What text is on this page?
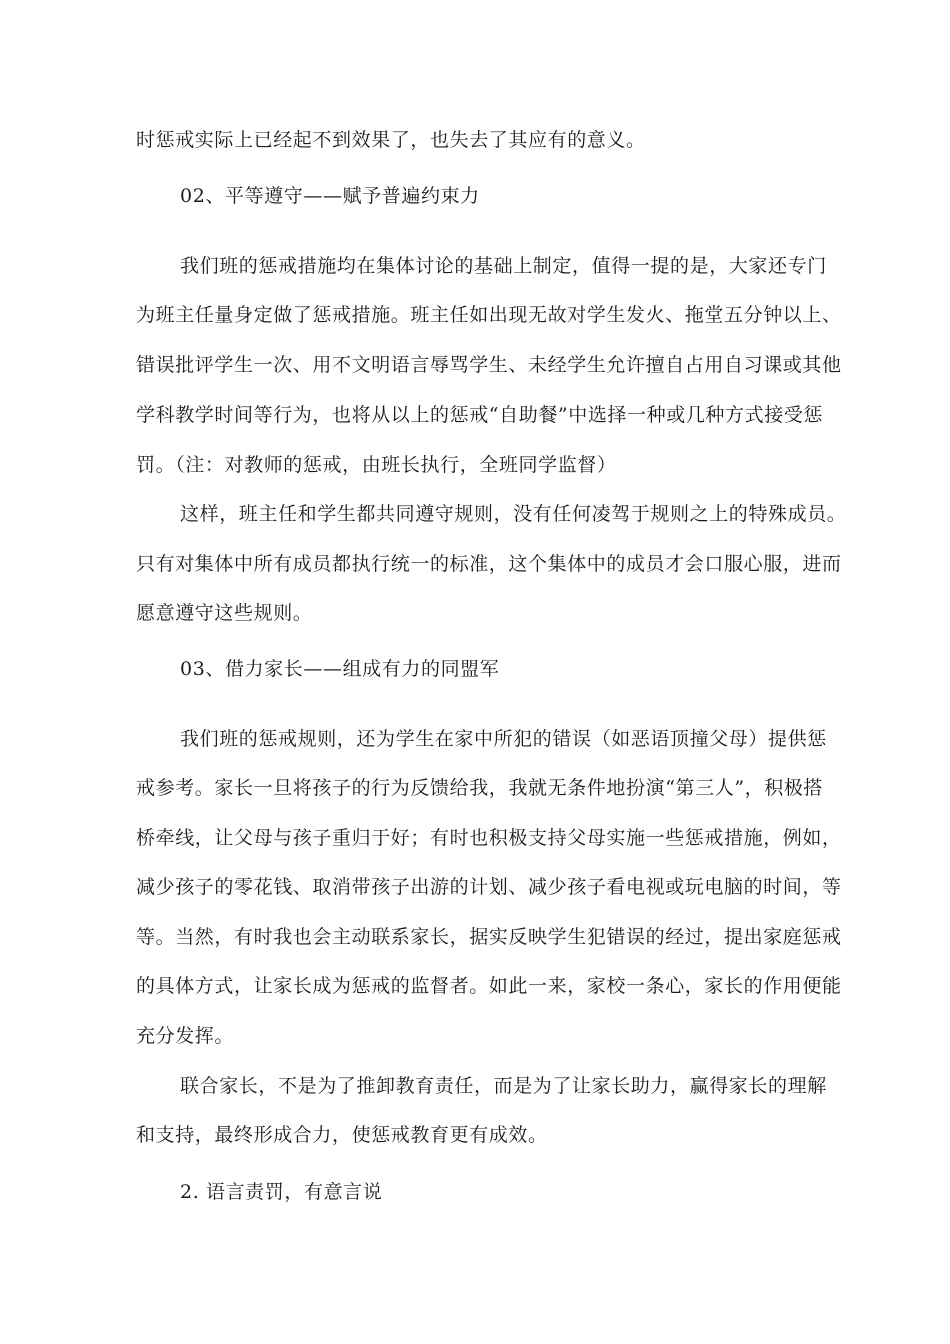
时惩戒实际上已经起不到效果了，也失去了其应有的意义。
02、平等遵守——赋予普遍约束力
我们班的惩戒措施均在集体讨论的基础上制定，值得一提的是，大家还专门
为班主任量身定做了惩戒措施。班主任如出现无故对学生发火、拖堂五分钟以上、
错误批评学生一次、用不文明语言辱骂学生、未经学生允许擅自占用自习课或其他
学科教学时间等行为，也将从以上的惩戒“自助餐”中选择一种或几种方式接受惩
罚。（注：对教师的惩戒，由班长执行，全班同学监督）
这样，班主任和学生都共同遵守规则，没有任何凌驾于规则之上的特殊成员。
只有对集体中所有成员都执行统一的标准，这个集体中的成员才会口服心服，进而
愿意遵守这些规则。
03、借力家长——组成有力的同盟军
我们班的惩戒规则，还为学生在家中所犯的错误（如恶语顶撞父母）提供惩
戒参考。家长一旦将孩子的行为反馈给我，我就无条件地扮演“第三人”，积极搭
桥牵线，让父母与孩子重归于好；有时也积极支持父母实施一些惩戒措施，例如，
减少孩子的零花钱、取消带孩子出游的计划、减少孩子看电视或玩电脑的时间，等
等。当然，有时我也会主动联系家长，据实反映学生犯错误的经过，提出家庭惩戒
的具体方式，让家长成为惩戒的监督者。如此一来，家校一条心，家长的作用便能
充分发挥。
联合家长，不是为了推卸教育责任，而是为了让家长助力，赢得家长的理解
和支持，最终形成合力，使惩戒教育更有成效。
2. 语言责罚，有意言说
